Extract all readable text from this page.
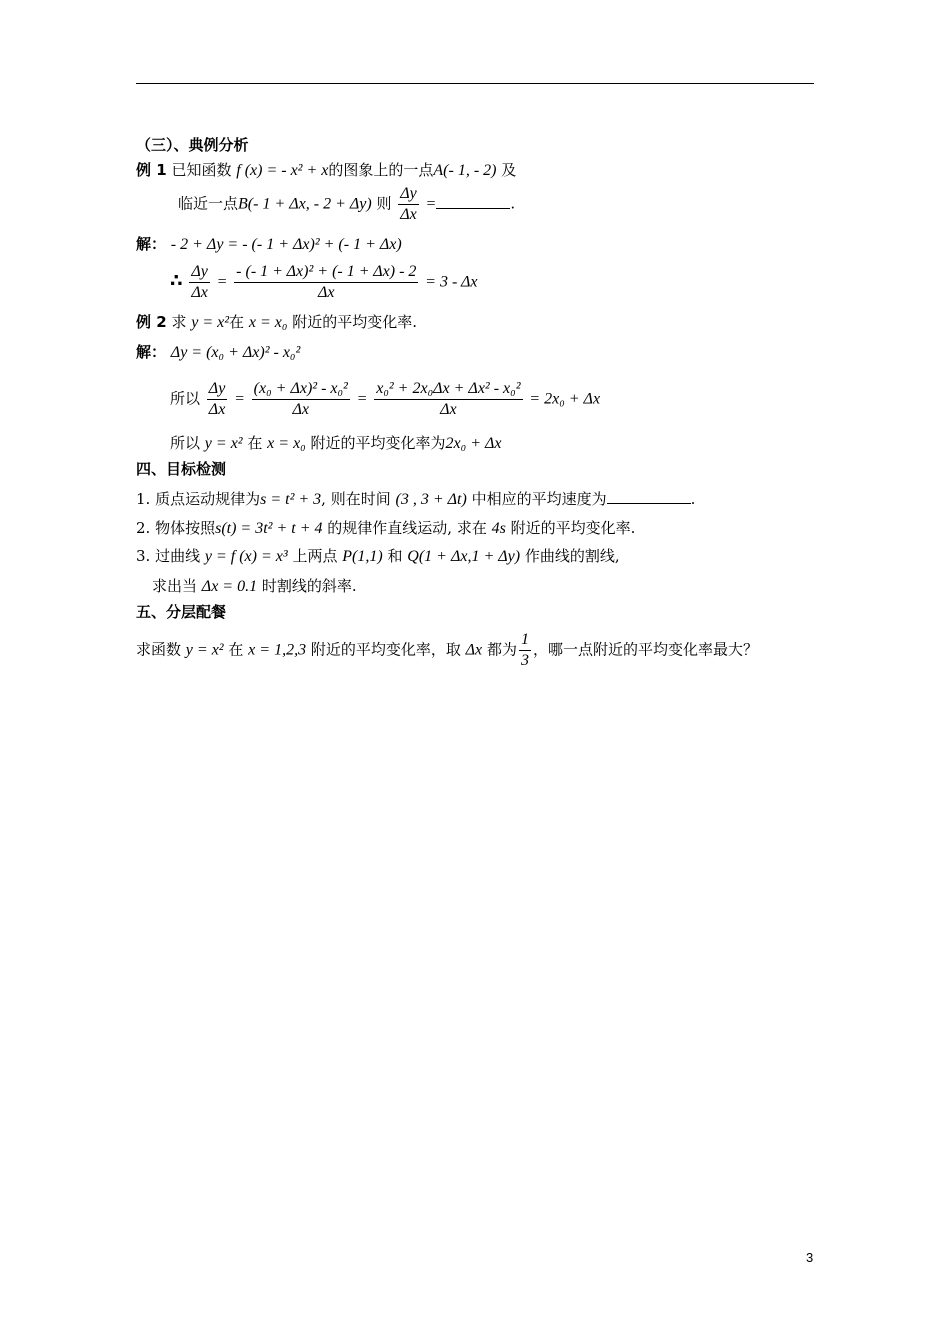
（三）、典例分析
例 1 已知函数 f (x) = - x² + x的图象上的一点A(- 1, - 2) 及
临近一点B(- 1 + Δx, - 2 + Δy) 则 $\frac{\Delta y}{\Delta x}$ =	.
解： - 2 + Δy = - (- 1 + Δx)² + (- 1 + Δx)
∴ $\frac{\Delta y}{\Delta x} = \frac{\text{- (- 1 + Δx)² + (- 1 + Δx) - 2}}{\Delta x} = 3 - \Delta x$
例 2 求 y = x²在 x = x₀ 附近的平均变化率.
解： Δy = (x₀ + Δx)² - x₀²
所以 $\frac{\Delta y}{\Delta x} = \frac{\text{(x₀ + Δx)² - x₀²}}{\Delta x} = \frac{\text{x₀² + 2x₀Δx + Δx² - x₀²}}{\Delta x} = 2x_0 + \Delta x$
所以 y = x² 在 x = x₀ 附近的平均变化率为2x₀ + Δx
四、目标检测
1. 质点运动规律为s = t² + 3, 则在时间 (3 , 3 + Δt) 中相应的平均速度为	.
2. 物体按照s(t) = 3t² + t + 4 的规律作直线运动, 求在 4s 附近的平均变化率.
3. 过曲线 y = f (x) = x³ 上两点 P(1,1) 和 Q(1 + Δx,1 + Δy) 作曲线的割线,
求出当 Δx = 0.1 时割线的斜率.
五、分层配餐
求函数 y = x² 在 x = 1,2,3 附近的平均变化率，取 Δx 都为 $\frac{1}{3}$ ，哪一点附近的平均变化率最大？
3
